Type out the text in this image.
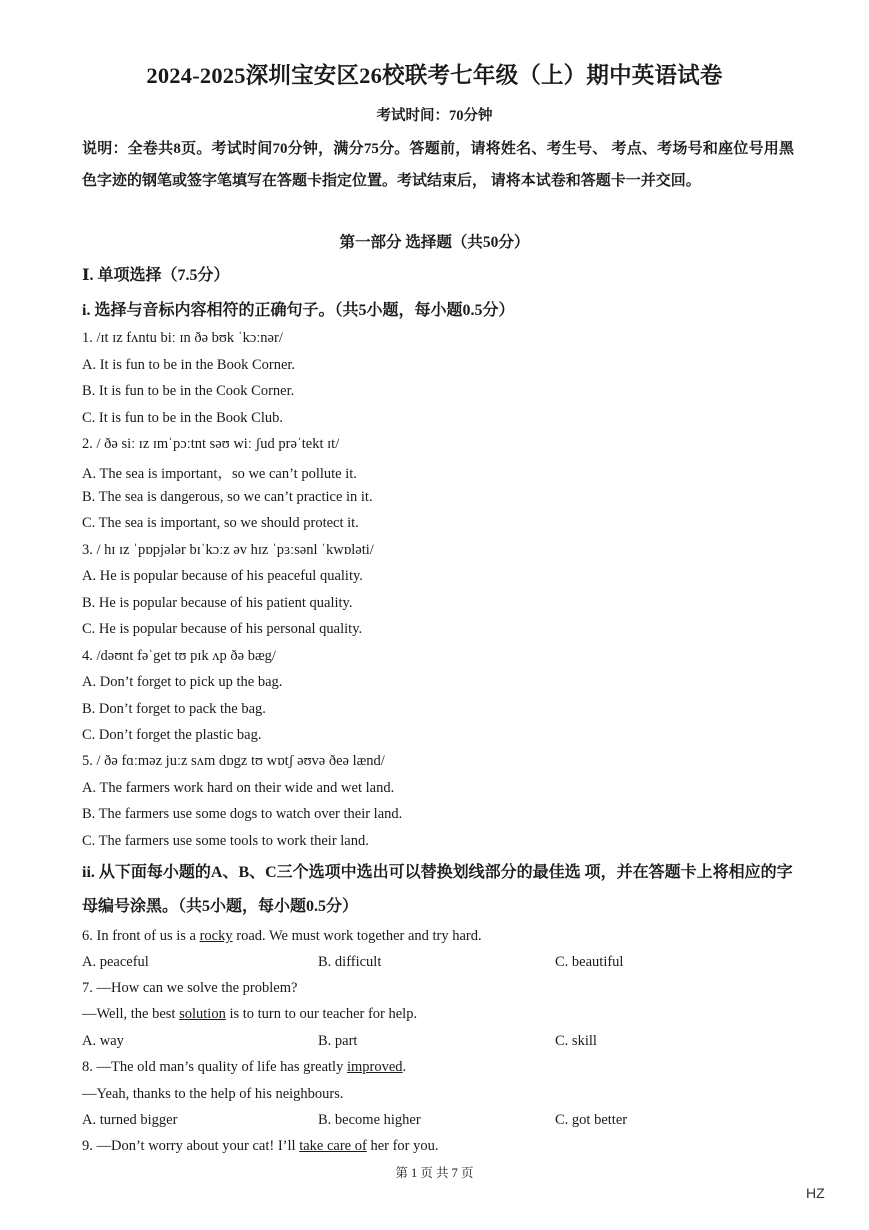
2024-2025深圳宝安区26校联考七年级（上）期中英语试卷
考试时间：70分钟
说明：全卷共8页。考试时间70分钟，满分75分。答题前，请将姓名、考生号、 考点、考场号和座位号用黑色字迹的钢笔或签字笔填写在答题卡指定位置。考试结束后， 请将本试卷和答题卡一并交回。
第一部分 选择题（共50分）
Ⅰ. 单项选择（7.5分）
i. 选择与音标内容相符的正确句子。（共5小题，每小题0.5分）
1. /ɪt ɪz fʌntu biː ɪn ðə bʊk ˈkɔːnər/
A. It is fun to be in the Book Corner.
B. It is fun to be in the Cook Corner.
C. It is fun to be in the Book Club.
2. / ðə siː ɪz ɪmˈpɔːtnt səʊ wiː ʃud prəˈtekt ɪt/
A. The sea is important，so we can’t pollute it.
B. The sea is dangerous, so we can’t practice in it.
C. The sea is important, so we should protect it.
3. / hɪ ɪz ˈpɒpjələr bɪˈkɔːz əv hɪz ˈpɜːsənl ˈkwɒləti/
A. He is popular because of his peaceful quality.
B. He is popular because of his patient quality.
C. He is popular because of his personal quality.
4. /dəʊnt fəˈget tʊ pɪk ʌp ðə bæg/
A. Don’t forget to pick up the bag.
B. Don’t forget to pack the bag.
C. Don’t forget the plastic bag.
5. / ðə fɑːməz juːz sʌm dɒgz tʊ wɒtʃ əʊvə ðeə lænd/
A. The farmers work hard on their wide and wet land.
B. The farmers use some dogs to watch over their land.
C. The farmers use some tools to work their land.
ii. 从下面每小题的A、B、C三个选项中选出可以替换划线部分的最佳选 项，并在答题卡上将相应的字母编号涂黑。（共5小题，每小题0.5分）
6. In front of us is a rocky road. We must work together and try hard.
A. peaceful	B. difficult	C. beautiful
7. —How can we solve the problem?
—Well, the best solution is to turn to our teacher for help.
A. way	B. part	C. skill
8. —The old man’s quality of life has greatly improved.
—Yeah, thanks to the help of his neighbours.
A. turned bigger	B. become higher	C. got better
9. —Don’t worry about your cat! I’ll take care of her for you.
第 1 页 共 7 页
HZ
